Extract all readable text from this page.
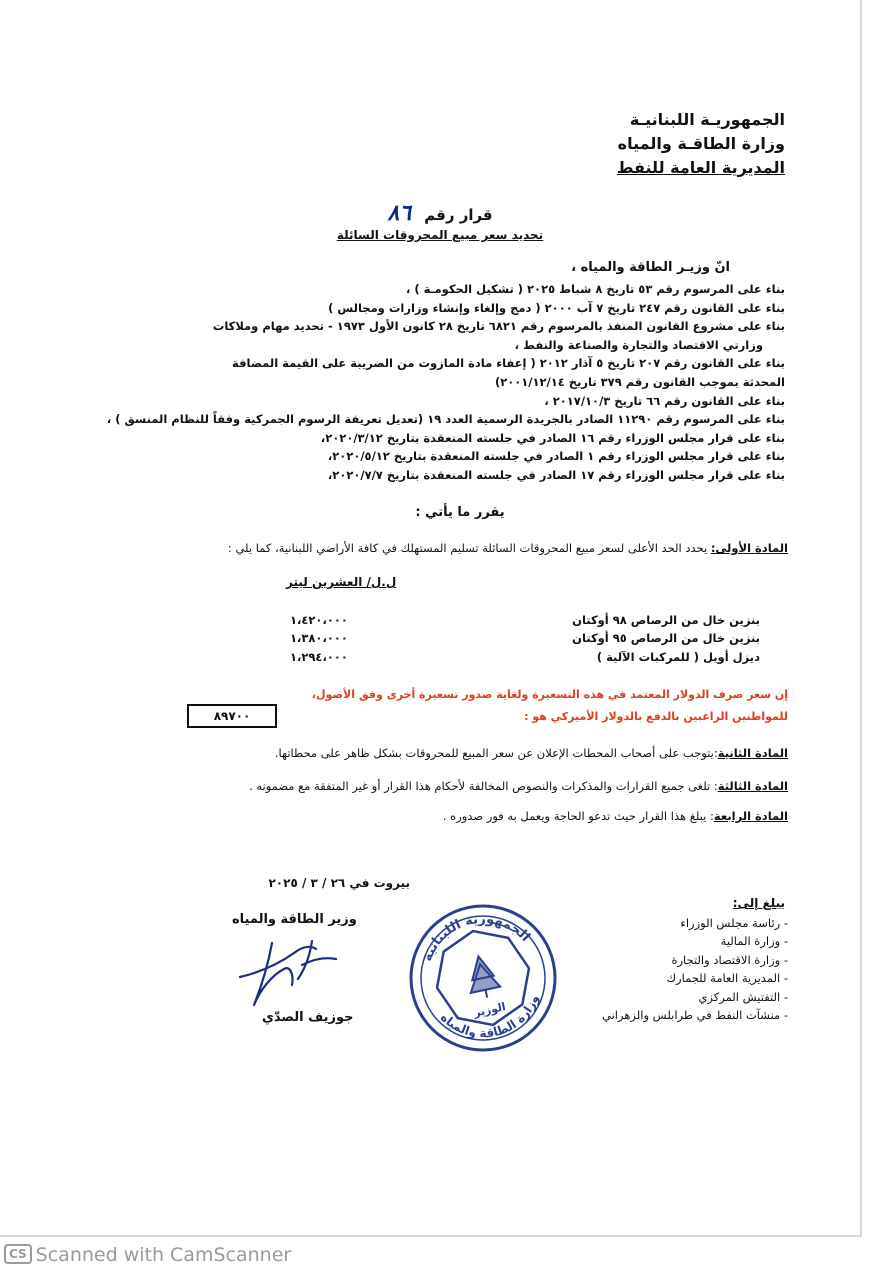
الجمهوريـة اللبنانيـة
وزارة الطاقـة والمياه
المديرية العامة للنفط
قرار رقم ٨٦
تحديد سعر مبيع المحروقات السائلة
انّ وزيـر الطاقة والمياه ،
بناء على المرسوم رقم ٥٣ تاريخ ٨ شباط ٢٠٢٥ ( تشكيل الحكومـة ) ،
بناء على القانون رقم ٢٤٧ تاريخ ٧ آب ٢٠٠٠ ( دمج وإلغاء وإنشاء وزارات ومجالس )
بناء على مشروع القانون المنفذ بالمرسوم رقم ٦٨٢١ تاريخ ٢٨ كانون الأول ١٩٧٣ - تحديد مهام وملاكات
وزارتي الاقتصاد والتجارة والصناعة والنفط ،
بناء على القانون رقم ٢٠٧ تاريخ ٥ آذار ٢٠١٢ ( إعفاء مادة المازوت من الضريبة على القيمة المضافة
المحدثة بموجب القانون رقم ٣٧٩ تاريخ ٢٠٠١/١٢/١٤)
بناء على القانون رقم ٦٦ تاريخ ٢٠١٧/١٠/٣ ،
بناء على المرسوم رقم ١١٢٩٠ الصادر بالجريدة الرسمية العدد ١٩ (تعديل تعريفة الرسوم الجمركية وفقاً للنظام المنسق ) ،
بناء على قرار مجلس الوزراء رقم ١٦ الصادر في جلسته المنعقدة بتاريخ ٢٠٢٠/٣/١٢،
بناء على قرار مجلس الوزراء رقم ١ الصادر في جلسته المنعقدة بتاريخ ٢٠٢٠/٥/١٢،
بناء على قرار مجلس الوزراء رقم ١٧ الصادر في جلسته المنعقدة بتاريخ ٢٠٢٠/٧/٧،
يقرر ما يأتي :
المادة الأولى: يحدد الحد الأعلى لسعر مبيع المحروقات السائلة تسليم المستهلك في كافة الأراضي اللبنانية، كما يلي :
ل.ل/ العشرين ليتر
بنزين خال من الرصاص ٩٨ أوكتان
١،٤٢٠،٠٠٠
بنزين خال من الرصاص ٩٥ أوكتان
١،٣٨٠،٠٠٠
ديزل أويل ( للمركبات الآلية )
١،٢٩٤،٠٠٠
إن سعر صرف الدولار المعتمد في هذه التسعيرة ولغاية صدور تسعيرة أخرى وفق الأصول،
للمواطنين الراغبين بالدفع بالدولار الأميركي هو :
٨٩٧٠٠
المادة الثانية:يتوجب على أصحاب المحطات الإعلان عن سعر المبيع للمحروقات بشكل ظاهر على محطاتها.
المادة الثالثة: تلغى جميع القرارات والمذكرات والنصوص المخالفة لأحكام هذا القرار أو غير المتفقة مع مضمونه .
المادة الرابعة: يبلغ هذا القرار حيث تدعو الحاجة ويعمل به فور صدوره .
بيروت في ٢٦ / ٣ / ٢٠٢٥
وزير الطاقة والمياه
جوزيف الصدّي
الجمهورية اللبنانية
الوزير
وزارة الطاقة والمياه
يبلغ إلى:
- رئاسة مجلس الوزراء
- وزارة المالية
- وزارة الاقتصاد والتجارة
- المديرية العامة للجمارك
- التفتيش المركزي
- منشآت النفط في طرابلس والزهراني
CS Scanned with CamScanner
